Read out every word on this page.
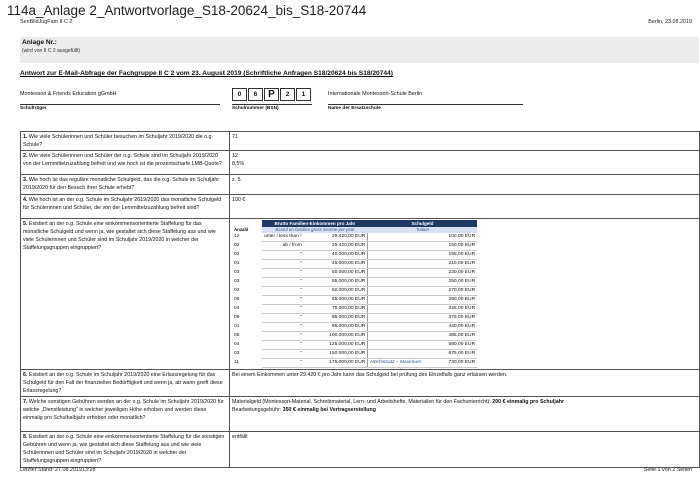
114a_Anlage 2_Antwortvorlage_S18-20624_bis_S18-20744
SenBildJugFam II C 2	Berlin, 23.08.2019
Anlage Nr.:
(wird von II C 2 ausgefüllt)
Antwort zur E-Mail-Abfrage der Fachgruppe II C 2 vom 23. August 2019 (Schriftliche Anfragen S18/20624 bis S18/20744)
Montessori & Friends Education gGmbH
Schulträger
0	6	P	2	1
Schulnummer (BSN)
Internationale Montessori-Schule Berlin
Name der Ersatzschule
1. Wie viele Schülerinnen und Schüler besuchen im Schuljahr 2019/2020 die o.g. Schule?	
71

2. Wie viele Schülerinnen und Schüler der o.g. Schule sind im Schuljahr 2019/2020 von der Lernmittelzuzahlung befreit und wie hoch ist die prozentscharfe LMB-Quote?	
12
8,5%

3. Wie hoch ist das reguläre monatliche Schulgeld, das die o.g. Schule im Schuljahr 2019/2020 für den Besuch ihrer Schule erhebt?	
s. 5.

4. Wie hoch ist an der o.g. Schule im Schuljahr 2019/2020 das monatliche Schulgeld für Schülerinnen und Schüler, die von der Lernmittelzuzahlung befreit sind?	
100 €

5. Existiert an der o.g. Schule eine einkommensorientierte Staffelung für das monatliche Schulgeld und wenn ja, wie gestaltet sich diese Staffelung aus und wie viele Schülerinnen und Schüler sind im Schuljahr 2019/2020 in welcher der Staffelungsgruppen eingruppiert?	
	Brutto Familien-Einkommen pro Jahr	Schulgeld
Anzahl	Based on families gross income per year	Tuition
12	unter / less than ¹	29.420,00 EUR		100,00 EUR
02	ab / from	29.420,00 EUR		150,00 EUR
02	"	40.000,00 EUR		195,00 EUR
01	"	45.000,00 EUR		210,00 EUR
03	"	50.000,00 EUR		230,00 EUR
03	"	55.000,00 EUR		250,00 EUR
02	"	60.000,00 EUR		270,00 EUR
06	"	65.000,00 EUR		290,00 EUR
04	"	75.000,00 EUR		325,00 EUR
06	"	85.000,00 EUR		375,00 EUR
01	"	95.000,00 EUR		440,00 EUR
05	"	100.000,00 EUR		485,00 EUR
04	"	125.000,00 EUR		590,00 EUR
03	"	150.000,00 EUR		675,00 EUR
11	"	175.000,00 EUR	Höchstsatz – Maximum	730,00 EUR

6. Existiert an der o.g. Schule im Schuljahr 2019/2020 eine Erlassregelung für das Schulgeld für den Fall der finanziellen Bedürftigkeit und wenn ja, ab wann greift diese Erlassregelung?	
Bei einem Einkommen unter 29.420 € pro Jahr kann das Schulgeld bei prüfung des Einzelfalls ganz erlassen werden.

7. Welche sonstigen Gebühren werden an der o.g. Schule im Schuljahr 2019/2020 für welche „Dienstleistung" in welcher jeweiligen Höhe erhoben und werden diese einmalig pro Schulhalbjahr erhoben oder monatlich?	
Materialgeld (Montessori-Material, Schreibmaterial, Lern- und Arbeitshefte, Materialien für den Fachunterricht): 200 € einmalig pro Schuljahr
Bearbeitungsgebühr: 350 € einmalig bei Vertragserstellung

8. Existiert an der o.g. Schule eine einkommensorientierte Staffelung für die sonstigen Gebühren und wenn ja, wie gestaltet sich diese Staffelung aus und wie viele Schülerinnen und Schüler sind im Schuljahr 2019/2020 in welcher der Staffelungsgruppen eingruppiert?	
entfällt
Letzter Stand: 27.08.201913:28	Seite 1 von 2 Seiten
